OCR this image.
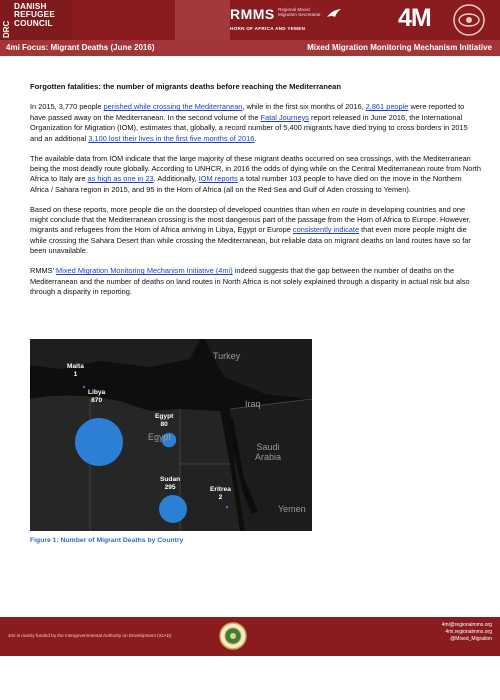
DRC
DANISH
REFUGEE
COUNCIL
RMMS Regional Mixed Migration Secretariat
HORN OF AFRICA AND YEMEN	4M
4mi Focus: Migrant Deaths (June 2016)	Mixed Migration Monitoring Mechanism Initiative

Forgotten fatalities: the number of migrants deaths before reaching the Mediterranean

In 2015, 3,770 people perished while crossing the Mediterranean, while in the first six months of 2016, 2,861 people were reported to have passed away on the Mediterranean. In the second volume of the Fatal Journeys report released in June 2016, the International Organization for Migration (IOM), estimates that, globally, a record number of 5,400 migrants have died trying to cross borders in 2015 and an additional 3,100 lost their lives in the first five months of 2016.

The available data from IOM indicate that the large majority of these migrant deaths occurred on sea crossings, with the Mediterranean being the most deadly route globally. According to UNHCR, in 2016 the odds of dying while on the Central Mediterranean route from North Africa to Italy are as high as one in 23. Additionally, IOM reports a total number 103 people to have died on the move in the Northern Africa / Sahara region in 2015, and 95 in the Horn of Africa (all on the Red Sea and Gulf of Aden crossing to Yemen).

Based on these reports, more people die on the doorstep of developed countries than when en route in developing countries and one might conclude that the Mediterranean crossing is the most dangerous part of the passage from the Horn of Africa to Europe. However, migrants and refugees from the Horn of Africa arriving in Libya, Egypt or Europe consistently indicate that even more people might die while crossing the Sahara Desert than while crossing the Mediterranean, but reliable data on migrant deaths on land routes have so far been unavailable.

RMMS' Mixed Migration Monitoring Mechanism Initiative (4mi) indeed suggests that the gap between the number of deaths on the Mediterranean and the number of deaths on land routes in North Africa is not solely explained through a disparity in actual risk but also through a disparity in reporting.

Turkey
Iraq
Saudi Arabia
Yemen
Egypt
Malta
1
Libya
870
Egypt
80
Sudan
295	Eritrea
2
Figure 1: Number of Migrant Deaths by Country
4mi is mainly funded by the Intergovernmental Authority on Development (IGAD)
4mi@regionalmms.org
4mi.regionalmms.org
@Mixed_Migration
